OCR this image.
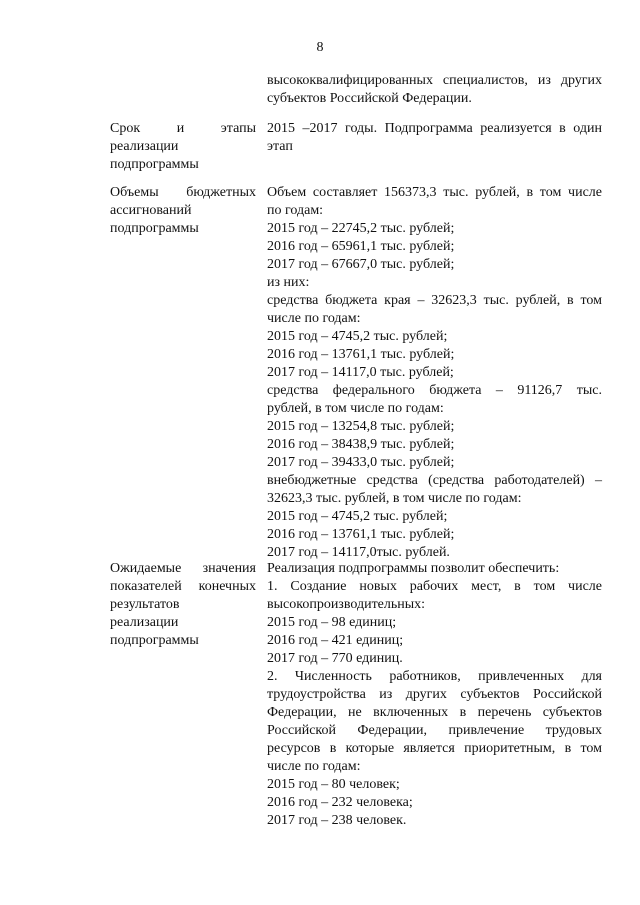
8
высококвалифицированных специалистов, из других
субъектов Российской Федерации.
Срок и этапы
реализации
подпрограммы
2015 –2017 годы. Подпрограмма реализуется в один
этап
Объемы бюджетных
ассигнований
подпрограммы
Объем составляет 156373,3 тыс. рублей, в том числе
по годам:
2015 год – 22745,2 тыс. рублей;
2016 год – 65961,1 тыс. рублей;
2017 год – 67667,0 тыс. рублей;
из них:
средства бюджета края – 32623,3 тыс. рублей, в том
числе по годам:
2015 год – 4745,2 тыс. рублей;
2016 год – 13761,1 тыс. рублей;
2017 год – 14117,0 тыс. рублей;
средства федерального бюджета – 91126,7 тыс.
рублей, в том числе по годам:
2015 год – 13254,8 тыс. рублей;
2016 год – 38438,9 тыс. рублей;
2017 год – 39433,0 тыс. рублей;
внебюджетные средства (средства работодателей) –
32623,3 тыс. рублей, в том числе по годам:
2015 год – 4745,2 тыс. рублей;
2016 год – 13761,1 тыс. рублей;
2017 год – 14117,0тыс. рублей.
Ожидаемые значения
показателей конечных
результатов
реализации
подпрограммы
Реализация подпрограммы позволит обеспечить:
1. Создание новых рабочих мест, в том числе
высокопроизводительных:
2015 год – 98 единиц;
2016 год – 421 единиц;
2017 год – 770 единиц.
2. Численность работников, привлеченных для
трудоустройства из других субъектов Российской
Федерации, не включенных в перечень субъектов
Российской Федерации, привлечение трудовых
ресурсов в которые является приоритетным, в том
числе по годам:
2015 год – 80 человек;
2016 год – 232 человека;
2017 год – 238 человек.
